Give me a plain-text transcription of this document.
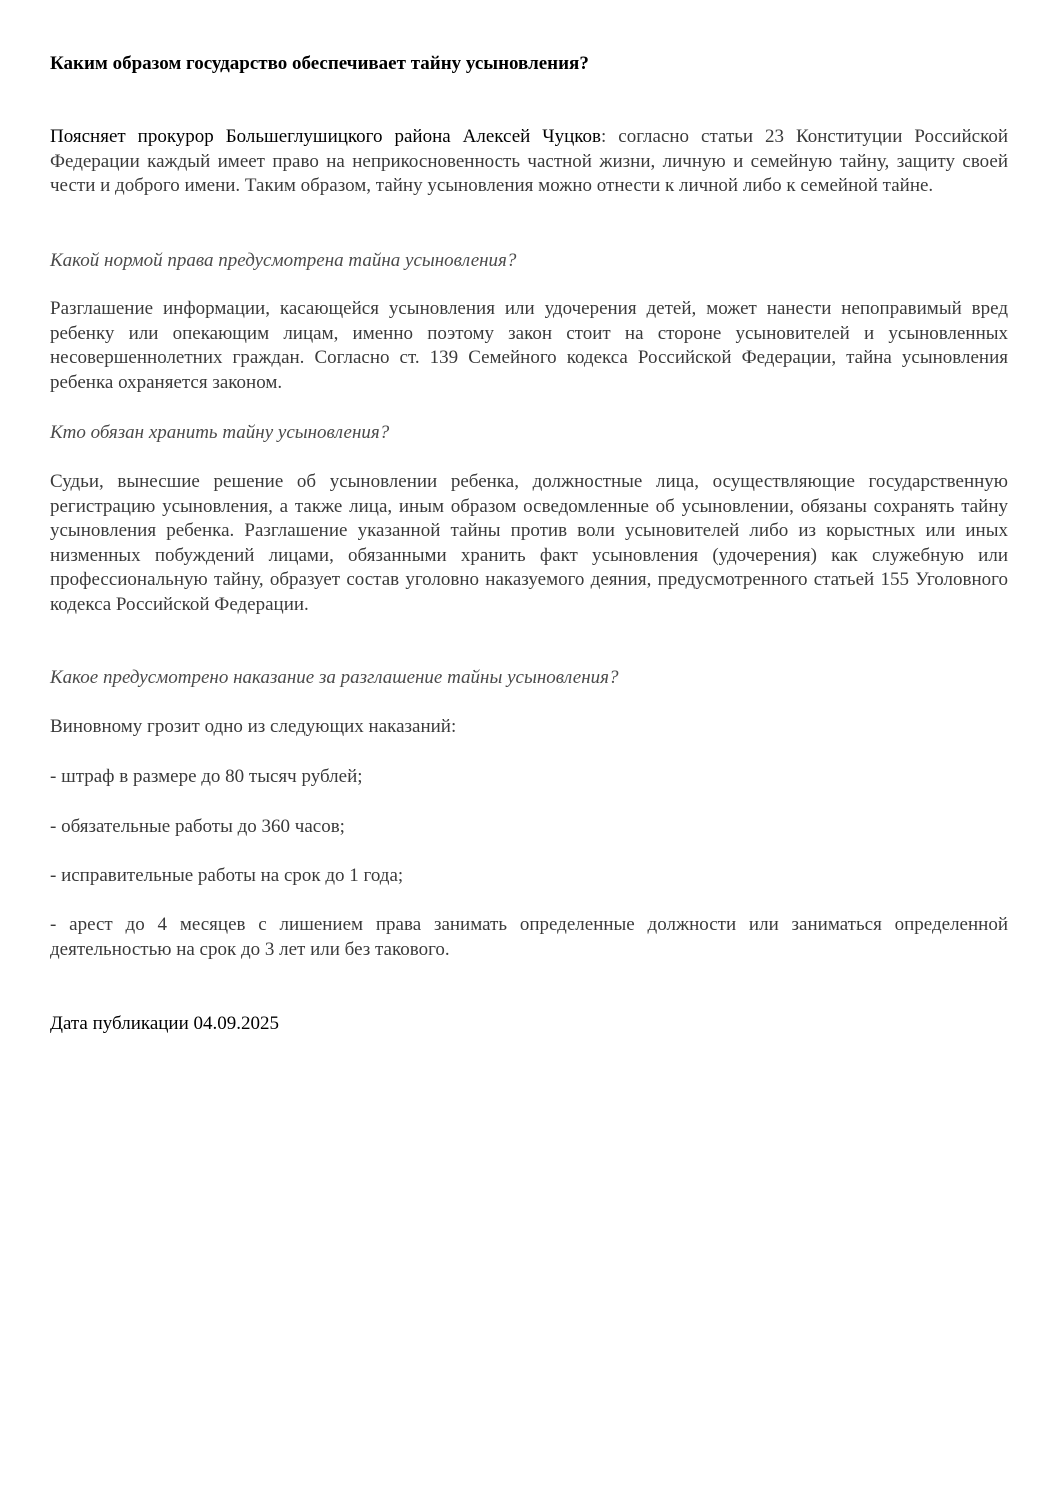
Каким образом государство обеспечивает тайну усыновления?

Поясняет прокурор Большеглушицкого района Алексей Чуцков: согласно статьи 23 Конституции Российской Федерации каждый имеет право на неприкосновенность частной жизни, личную и семейную тайну, защиту своей чести и доброго имени. Таким образом, тайну усыновления можно отнести к личной либо к семейной тайне.

Какой нормой права предусмотрена тайна усыновления?

Разглашение информации, касающейся усыновления или удочерения детей, может нанести непоправимый вред ребенку или опекающим лицам, именно поэтому закон стоит на стороне усыновителей и усыновленных несовершеннолетних граждан. Согласно ст. 139 Семейного кодекса Российской Федерации, тайна усыновления ребенка охраняется законом.

Кто обязан хранить тайну усыновления?

Судьи, вынесшие решение об усыновлении ребенка, должностные лица, осуществляющие государственную регистрацию усыновления, а также лица, иным образом осведомленные об усыновлении, обязаны сохранять тайну усыновления ребенка. Разглашение указанной тайны против воли усыновителей либо из корыстных или иных низменных побуждений лицами, обязанными хранить факт усыновления (удочерения) как служебную или профессиональную тайну, образует состав уголовно наказуемого деяния, предусмотренного статьей 155 Уголовного кодекса Российской Федерации.

Какое предусмотрено наказание за разглашение тайны усыновления?

Виновному грозит одно из следующих наказаний:

- штраф в размере до 80 тысяч рублей;

- обязательные работы до 360 часов;

- исправительные работы на срок до 1 года;

- арест до 4 месяцев с лишением права занимать определенные должности или заниматься определенной деятельностью на срок до 3 лет или без такового.

Дата публикации 04.09.2025
